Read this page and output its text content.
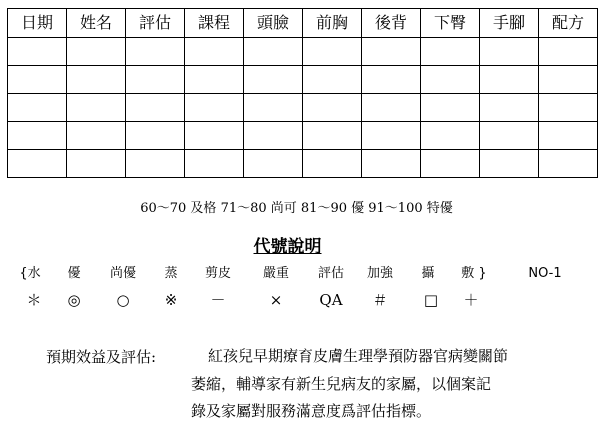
日期	姓名	評估	課程	頭臉	前胸	後背	下臀	手腳	配方

60～70 及格 71～80 尚可 81～90 優 91～100 特優
代號說明
{水 優 尚優 蒸 剪皮 嚴重 評估 加強 攝 敷 }	NO-1
＊ ◎ ○ ※ －	× QA ＃ □ ＋
預期效益及評估:	紅孩兒早期療育皮膚生理學預防器官病變關節
萎縮，輔導家有新生兒病友的家屬，以個案記
錄及家屬對服務滿意度爲評估指標。
